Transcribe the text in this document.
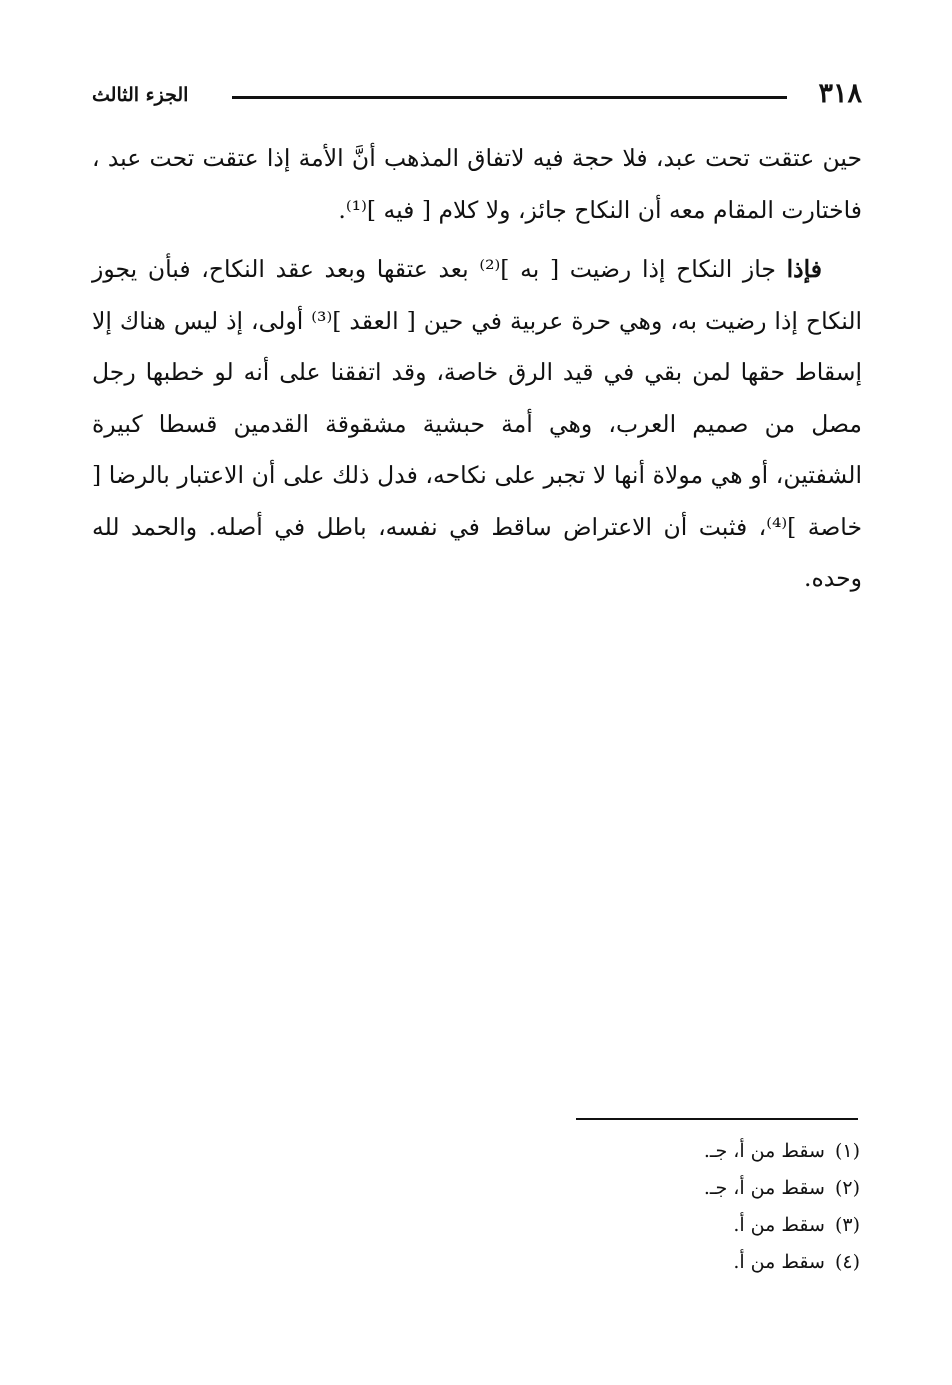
٣١٨
الجزء الثالث

حين عتقت تحت عبد، فلا حجة فيه لاتفاق المذهب أنَّ الأمة إذا عتقت تحت عبد ، فاختارت المقام معه أن النكاح جائز، ولا كلام [ فيه ]⁽¹⁾.

فإذا جاز النكاح إذا رضيت [ به ]⁽²⁾ بعد عتقها وبعد عقد النكاح، فبأن يجوز النكاح إذا رضيت به، وهي حرة عربية في حين [ العقد ]⁽³⁾ أولى، إذ ليس هناك إلا إسقاط حقها لمن بقي في قيد الرق خاصة، وقد اتفقنا على أنه لو خطبها رجل مصل من صميم العرب، وهي أمة حبشية مشقوقة القدمين قسطا كبيرة الشفتين، أو هي مولاة أنها لا تجبر على نكاحه، فدل ذلك على أن الاعتبار بالرضا [ خاصة ]⁽⁴⁾، فثبت أن الاعتراض ساقط في نفسه، باطل في أصله. والحمد لله وحده.

(١)سقط من أ، جـ.
(٢)سقط من أ، جـ.
(٣)سقط من أ.
(٤)سقط من أ.
